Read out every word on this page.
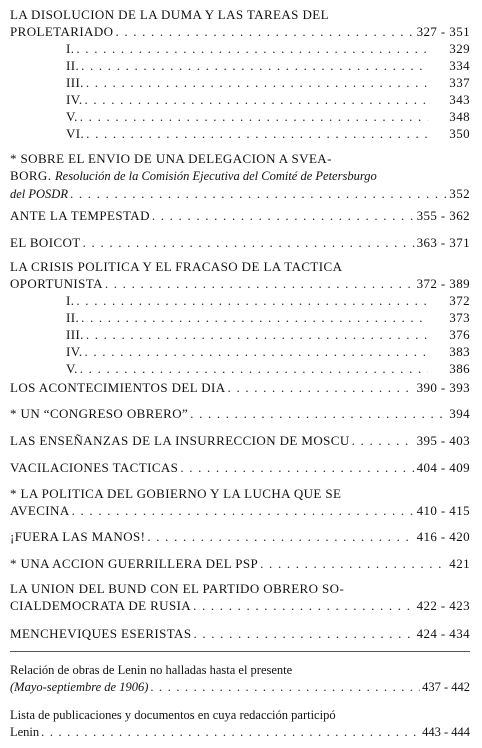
LA DISOLUCION DE LA DUMA Y LAS TAREAS DEL
PROLETARIADO . . .	327 - 351
I. . . .	329
II. . . .	334
III. . . .	337
IV. . . .	343
V. . . .	348
VI. . . .	350
* SOBRE EL ENVIO DE UNA DELEGACION A SVEA-
BORG. Resolución de la Comisión Ejecutiva del Comité de Petersburgo
del POSDR . . .	352
ANTE LA TEMPESTAD . . .	355 - 362
EL BOICOT . . .	363 - 371
LA CRISIS POLITICA Y EL FRACASO DE LA TACTICA
OPORTUNISTA . . .	372 - 389
I. . . .	372
II. . . .	373
III. . . .	376
IV. . . .	383
V. . . .	386
LOS ACONTECIMIENTOS DEL DIA . . .	390 - 393
* UN “CONGRESO OBRERO” . . .	394
LAS ENSEÑANZAS DE LA INSURRECCION DE MOSCU . . .	395 - 403
VACILACIONES TACTICAS . . .	404 - 409
* LA POLITICA DEL GOBIERNO Y LA LUCHA QUE SE
AVECINA . . .	410 - 415
¡FUERA LAS MANOS! . . .	416 - 420
* UNA ACCION GUERRILLERA DEL PSP . . .	421
LA UNION DEL BUND CON EL PARTIDO OBRERO SO-
CIALDEMOCRATA DE RUSIA . . .	422 - 423
MENCHEVIQUES ESERISTAS . . .	424 - 434
Relación de obras de Lenin no halladas hasta el presente
(Mayo-septiembre de 1906) . . .	437 - 442
Lista de publicaciones y documentos en cuya redacción participó
Lenin . . .	443 - 444
